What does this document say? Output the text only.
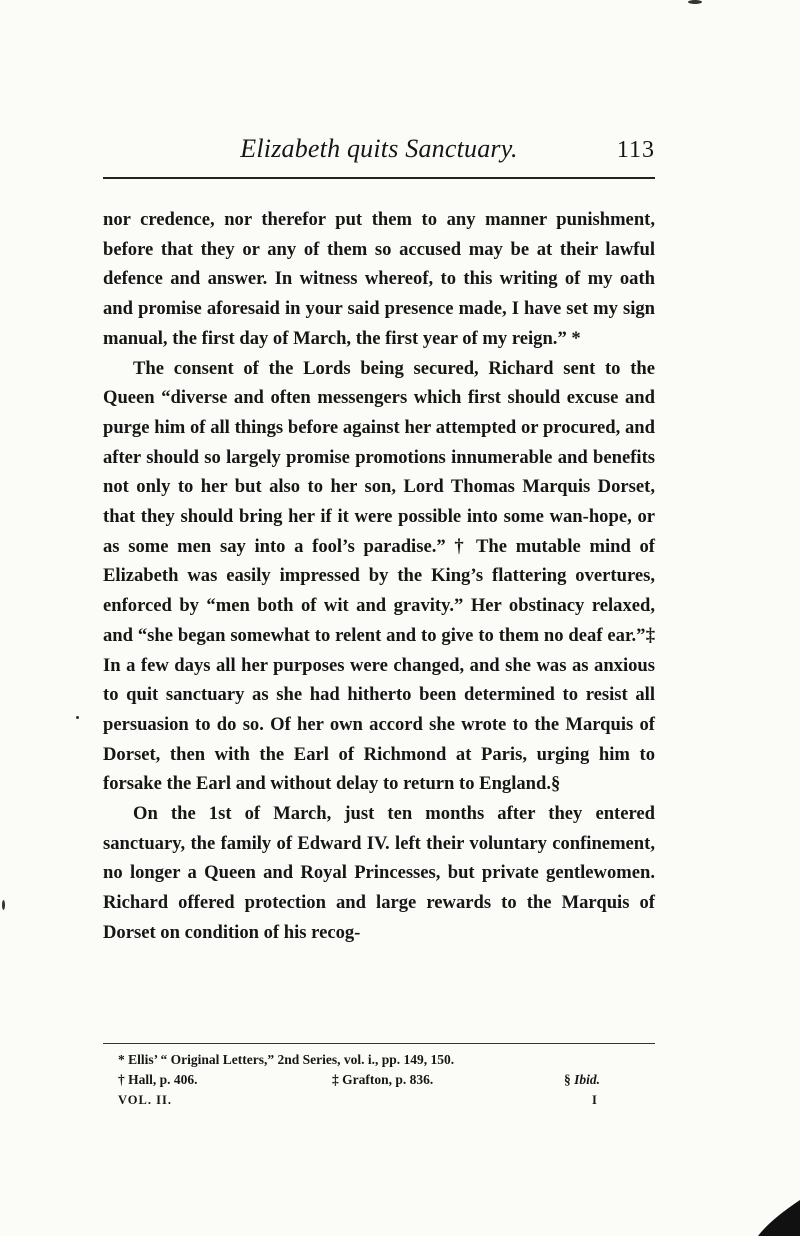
Elizabeth quits Sanctuary.	113

nor credence, nor therefor put them to any manner punishment, before that they or any of them so accused may be at their lawful defence and answer. In witness whereof, to this writing of my oath and promise aforesaid in your said presence made, I have set my sign manual, the first day of March, the first year of my reign.” *

The consent of the Lords being secured, Richard sent to the Queen “diverse and often messengers which first should excuse and purge him of all things before against her attempted or procured, and after should so largely promise promotions innumerable and benefits not only to her but also to her son, Lord Thomas Marquis Dorset, that they should bring her if it were possible into some wan-hope, or as some men say into a fool’s paradise.” † The mutable mind of Elizabeth was easily impressed by the King’s flattering overtures, enforced by “men both of wit and gravity.” Her obstinacy relaxed, and “she began somewhat to relent and to give to them no deaf ear.”‡ In a few days all her purposes were changed, and she was as anxious to quit sanctuary as she had hitherto been determined to resist all persuasion to do so. Of her own accord she wrote to the Marquis of Dorset, then with the Earl of Richmond at Paris, urging him to forsake the Earl and without delay to return to England.§

On the 1st of March, just ten months after they entered sanctuary, the family of Edward IV. left their voluntary confinement, no longer a Queen and Royal Princesses, but private gentlewomen. Richard offered protection and large rewards to the Marquis of Dorset on condition of his recog-

* Ellis’ “ Original Letters,” 2nd Series, vol. i., pp. 149, 150.
† Hall, p. 406.	‡ Grafton, p. 836.	§ Ibid.
VOL. II.	I
